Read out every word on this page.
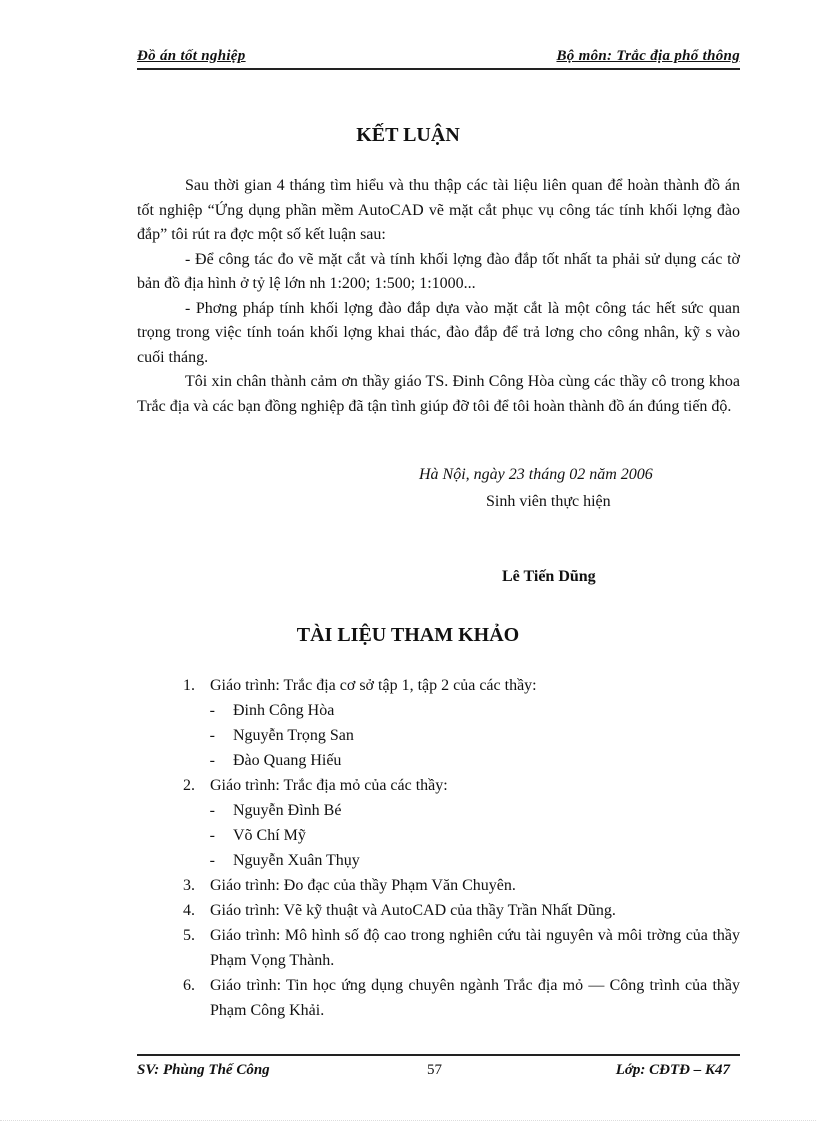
Đồ án tốt nghiệp	Bộ môn: Trắc địa phổ thông
KẾT LUẬN

Sau thời gian 4 tháng tìm hiểu và thu thập các tài liệu liên quan để hoàn thành đồ án tốt nghiệp “Ứng dụng phần mềm AutoCAD vẽ mặt cắt phục vụ công tác tính khối lợng đào đắp” tôi rút ra đợc một số kết luận sau:

- Để công tác đo vẽ mặt cắt và tính khối lợng đào đắp tốt nhất ta phải sử dụng các tờ bản đồ địa hình ở tỷ lệ lớn nh 1:200; 1:500; 1:1000...

- Phơng pháp tính khối lợng đào đắp dựa vào mặt cắt là một công tác hết sức quan trọng trong việc tính toán khối lợng khai thác, đào đắp để trả lơng cho công nhân, kỹ s vào cuối tháng.

Tôi xin chân thành cảm ơn thầy giáo TS. Đinh Công Hòa cùng các thầy cô trong khoa Trắc địa và các bạn đồng nghiệp đã tận tình giúp đỡ tôi để tôi hoàn thành đồ án đúng tiến độ.

Hà Nội, ngày 23 tháng 02 năm 2006
Sinh viên thực hiện
Lê Tiến Dũng
TÀI LIỆU THAM KHẢO
1. Giáo trình: Trắc địa cơ sở tập 1, tập 2 của các thầy:
-	Đinh Công Hòa
-	Nguyễn Trọng San
-	Đào Quang Hiếu
2. Giáo trình: Trắc địa mỏ của các thầy:
-	Nguyễn Đình Bé
-	Võ Chí Mỹ
-	Nguyễn Xuân Thụy
3. Giáo trình: Đo đạc của thầy Phạm Văn Chuyên.
4. Giáo trình: Vẽ kỹ thuật và AutoCAD của thầy Trần Nhất Dũng.
5. Giáo trình: Mô hình số độ cao trong nghiên cứu tài nguyên và môi trờng của thầy Phạm Vọng Thành.
6. Giáo trình: Tin học ứng dụng chuyên ngành Trắc địa mỏ — Công trình của thầy Phạm Công Khải.
SV: Phùng Thế Công	57	Lớp: CĐTĐ – K47
